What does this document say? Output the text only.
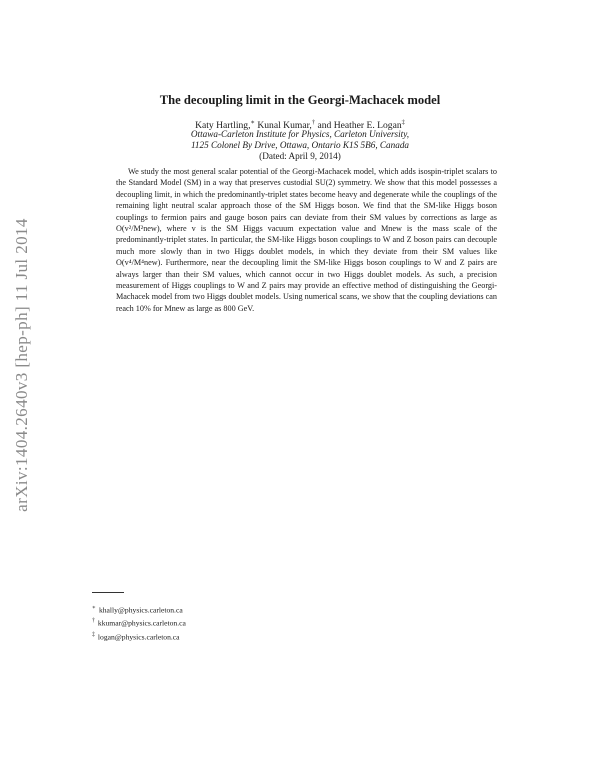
arXiv:1404.2640v3 [hep-ph] 11 Jul 2014
The decoupling limit in the Georgi-Machacek model
Katy Hartling,∗ Kunal Kumar,† and Heather E. Logan‡
Ottawa-Carleton Institute for Physics, Carleton University,
1125 Colonel By Drive, Ottawa, Ontario K1S 5B6, Canada
(Dated: April 9, 2014)

We study the most general scalar potential of the Georgi-Machacek model, which adds isospin-triplet scalars to the Standard Model (SM) in a way that preserves custodial SU(2) symmetry. We show that this model possesses a decoupling limit, in which the predominantly-triplet states become heavy and degenerate while the couplings of the remaining light neutral scalar approach those of the SM Higgs boson. We find that the SM-like Higgs boson couplings to fermion pairs and gauge boson pairs can deviate from their SM values by corrections as large as O(v²/M²new), where v is the SM Higgs vacuum expectation value and Mnew is the mass scale of the predominantly-triplet states. In particular, the SM-like Higgs boson couplings to W and Z boson pairs can decouple much more slowly than in two Higgs doublet models, in which they deviate from their SM values like O(v⁴/M⁴new). Furthermore, near the decoupling limit the SM-like Higgs boson couplings to W and Z pairs are always larger than their SM values, which cannot occur in two Higgs doublet models. As such, a precision measurement of Higgs couplings to W and Z pairs may provide an effective method of distinguishing the Georgi-Machacek model from two Higgs doublet models. Using numerical scans, we show that the coupling deviations can reach 10% for Mnew as large as 800 GeV.

∗ khally@physics.carleton.ca
† kkumar@physics.carleton.ca
‡ logan@physics.carleton.ca
